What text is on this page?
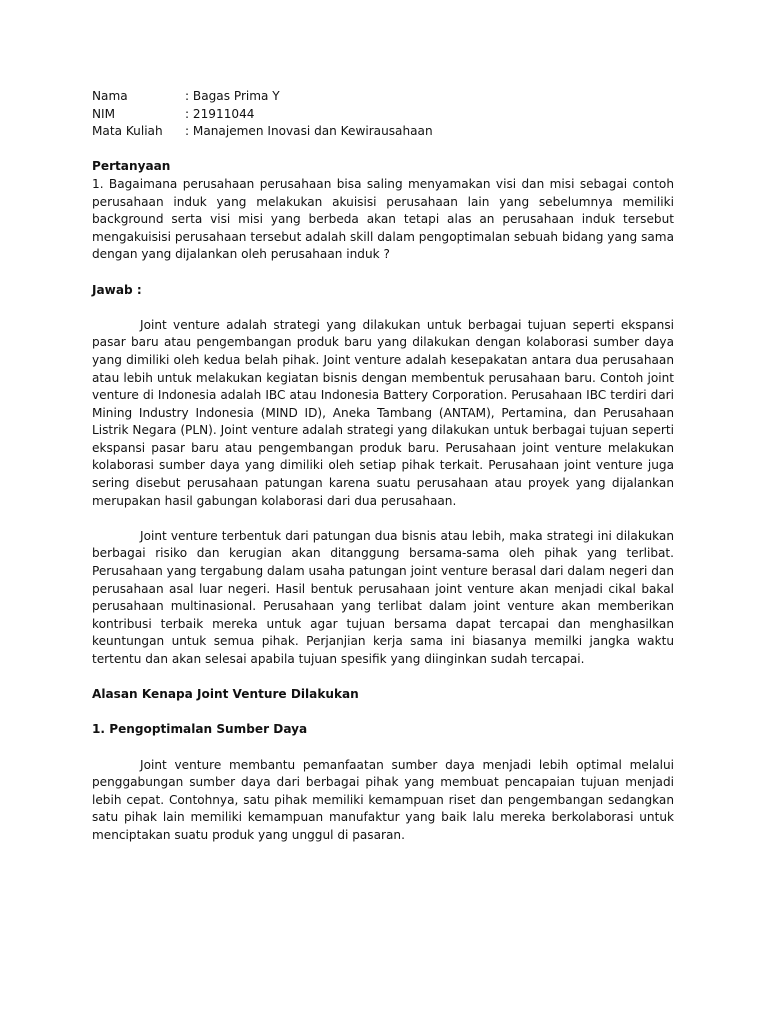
Nama	: Bagas Prima Y
NIM	: 21911044
Mata Kuliah	: Manajemen Inovasi dan Kewirausahaan
Pertanyaan

1. Bagaimana perusahaan perusahaan bisa saling menyamakan visi dan misi sebagai contoh perusahaan induk yang melakukan akuisisi perusahaan lain yang sebelumnya memiliki background serta visi misi yang berbeda akan tetapi alas an perusahaan induk tersebut mengakuisisi perusahaan tersebut adalah skill dalam pengoptimalan sebuah bidang yang sama dengan yang dijalankan oleh perusahaan induk ?

Jawab :

Joint venture adalah strategi yang dilakukan untuk berbagai tujuan seperti ekspansi pasar baru atau pengembangan produk baru yang dilakukan dengan kolaborasi sumber daya yang dimiliki oleh kedua belah pihak. Joint venture adalah kesepakatan antara dua perusahaan atau lebih untuk melakukan kegiatan bisnis dengan membentuk perusahaan baru. Contoh joint venture di Indonesia adalah IBC atau Indonesia Battery Corporation. Perusahaan IBC terdiri dari Mining Industry Indonesia (MIND ID), Aneka Tambang (ANTAM), Pertamina, dan Perusahaan Listrik Negara (PLN). Joint venture adalah strategi yang dilakukan untuk berbagai tujuan seperti ekspansi pasar baru atau pengembangan produk baru. Perusahaan joint venture melakukan kolaborasi sumber daya yang dimiliki oleh setiap pihak terkait. Perusahaan joint venture juga sering disebut perusahaan patungan karena suatu perusahaan atau proyek yang dijalankan merupakan hasil gabungan kolaborasi dari dua perusahaan.

Joint venture terbentuk dari patungan dua bisnis atau lebih, maka strategi ini dilakukan berbagai risiko dan kerugian akan ditanggung bersama-sama oleh pihak yang terlibat. Perusahaan yang tergabung dalam usaha patungan joint venture berasal dari dalam negeri dan perusahaan asal luar negeri. Hasil bentuk perusahaan joint venture akan menjadi cikal bakal perusahaan multinasional. Perusahaan yang terlibat dalam joint venture akan memberikan kontribusi terbaik mereka untuk agar tujuan bersama dapat tercapai dan menghasilkan keuntungan untuk semua pihak. Perjanjian kerja sama ini biasanya memilki jangka waktu tertentu dan akan selesai apabila tujuan spesifik yang diinginkan sudah tercapai.

Alasan Kenapa Joint Venture Dilakukan
1. Pengoptimalan Sumber Daya

Joint venture membantu pemanfaatan sumber daya menjadi lebih optimal melalui penggabungan sumber daya dari berbagai pihak yang membuat pencapaian tujuan menjadi lebih cepat. Contohnya, satu pihak memiliki kemampuan riset dan pengembangan sedangkan satu pihak lain memiliki kemampuan manufaktur yang baik lalu mereka berkolaborasi untuk menciptakan suatu produk yang unggul di pasaran.
